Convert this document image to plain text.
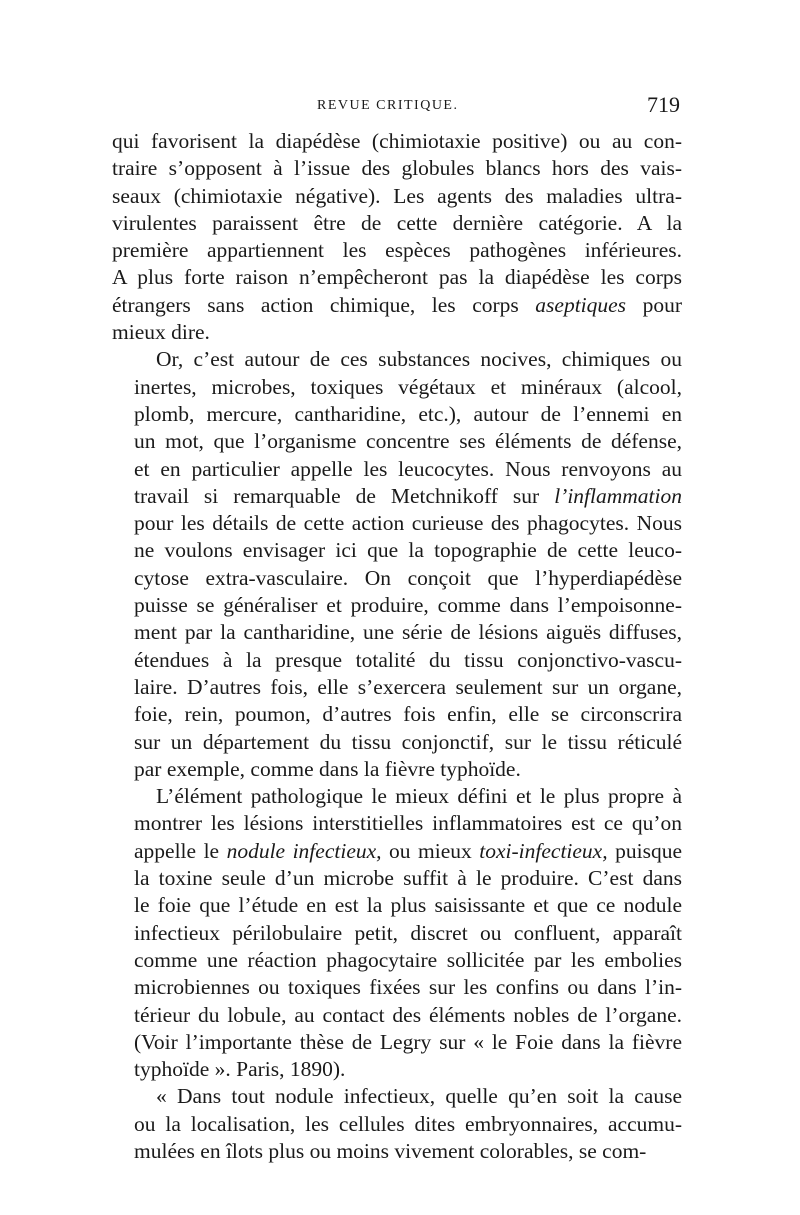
REVUE CRITIQUE.	719
qui favorisent la diapédèse (chimiotaxie positive) ou au con-
traire s’opposent à l’issue des globules blancs hors des vais-
seaux (chimiotaxie négative). Les agents des maladies ultra-
virulentes paraissent être de cette dernière catégorie. A la
première appartiennent les espèces pathogènes inférieures.
A plus forte raison n’empêcheront pas la diapédèse les corps
étrangers sans action chimique, les corps aseptiques pour
mieux dire.
Or, c’est autour de ces substances nocives, chimiques ou
inertes, microbes, toxiques végétaux et minéraux (alcool,
plomb, mercure, cantharidine, etc.), autour de l’ennemi en
un mot, que l’organisme concentre ses éléments de défense,
et en particulier appelle les leucocytes. Nous renvoyons au
travail si remarquable de Metchnikoff sur l’inflammation
pour les détails de cette action curieuse des phagocytes. Nous
ne voulons envisager ici que la topographie de cette leuco-
cytose extra-vasculaire. On conçoit que l’hyperdiapédèse
puisse se généraliser et produire, comme dans l’empoisonne-
ment par la cantharidine, une série de lésions aiguës diffuses,
étendues à la presque totalité du tissu conjonctivo-vascu-
laire. D’autres fois, elle s’exercera seulement sur un organe,
foie, rein, poumon, d’autres fois enfin, elle se circonscrira
sur un département du tissu conjonctif, sur le tissu réticulé
par exemple, comme dans la fièvre typhoïde.
L’élément pathologique le mieux défini et le plus propre à
montrer les lésions interstitielles inflammatoires est ce qu’on
appelle le nodule infectieux, ou mieux toxi-infectieux, puisque
la toxine seule d’un microbe suffit à le produire. C’est dans
le foie que l’étude en est la plus saisissante et que ce nodule
infectieux périlobulaire petit, discret ou confluent, apparaît
comme une réaction phagocytaire sollicitée par les embolies
microbiennes ou toxiques fixées sur les confins ou dans l’in-
térieur du lobule, au contact des éléments nobles de l’organe.
(Voir l’importante thèse de Legry sur « le Foie dans la fièvre
typhoïde ». Paris, 1890).
« Dans tout nodule infectieux, quelle qu’en soit la cause
ou la localisation, les cellules dites embryonnaires, accumu-
mulées en îlots plus ou moins vivement colorables, se com-
